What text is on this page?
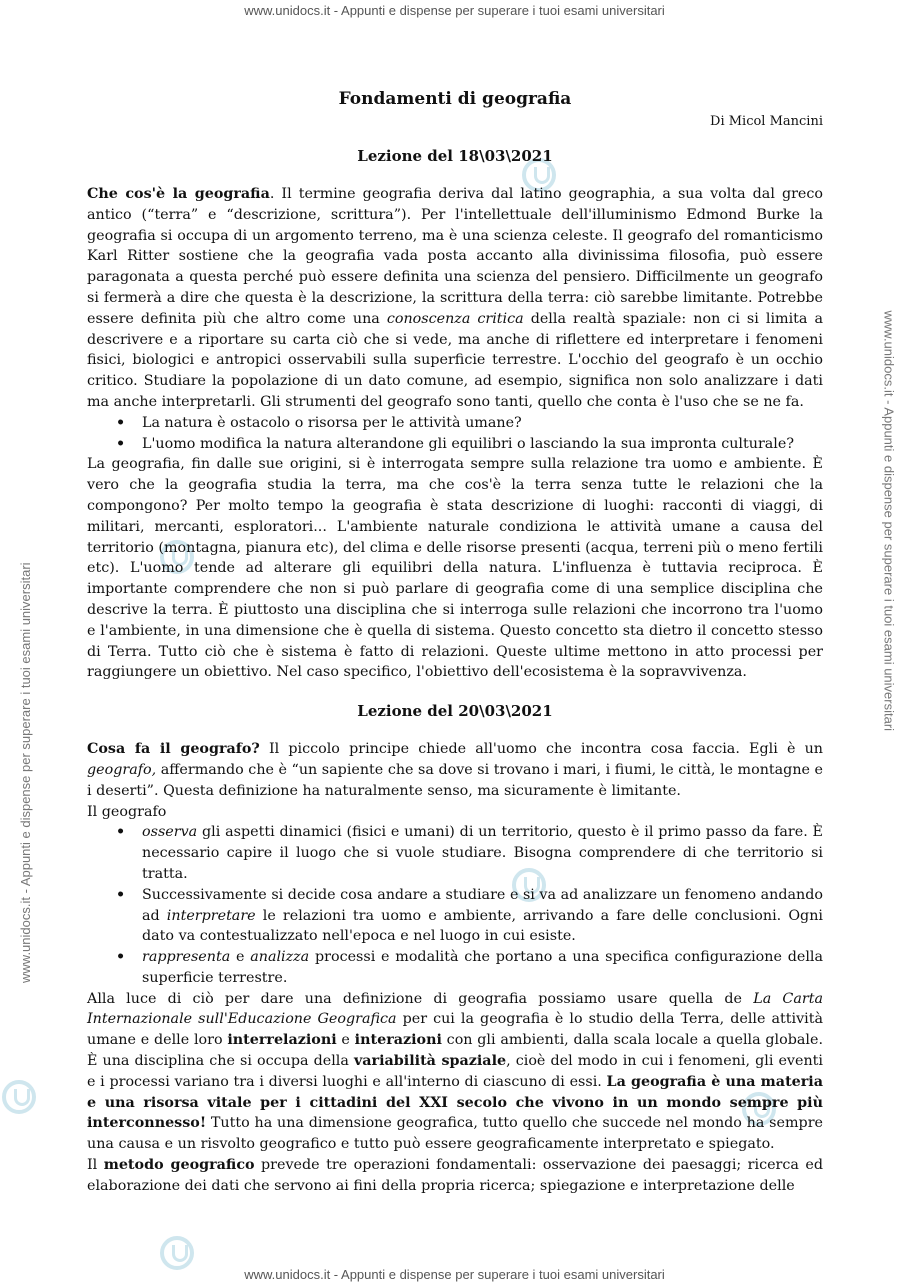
www.unidocs.it - Appunti e dispense per superare i tuoi esami universitari
www.unidocs.it - Appunti e dispense per superare i tuoi esami universitari
www.unidocs.it - Appunti e dispense per superare i tuoi esami universitari
www.unidocs.it - Appunti e dispense per superare i tuoi esami universitari
Fondamenti di geografia
Di Micol Mancini
Lezione del 18\03\2021

Che cos'è la geografia. Il termine geografia deriva dal latino geographia, a sua volta dal greco antico (“terra” e “descrizione, scrittura”). Per l'intellettuale dell'illuminismo Edmond Burke la geografia si occupa di un argomento terreno, ma è una scienza celeste. Il geografo del romanticismo Karl Ritter sostiene che la geografia vada posta accanto alla divinissima filosofia, può essere paragonata a questa perché può essere definita una scienza del pensiero. Difficilmente un geografo si fermerà a dire che questa è la descrizione, la scrittura della terra: ciò sarebbe limitante. Potrebbe essere definita più che altro come una conoscenza critica della realtà spaziale: non ci si limita a descrivere e a riportare su carta ciò che si vede, ma anche di riflettere ed interpretare i fenomeni fisici, biologici e antropici osservabili sulla superficie terrestre. L'occhio del geografo è un occhio critico. Studiare la popolazione di un dato comune, ad esempio, significa non solo analizzare i dati ma anche interpretarli. Gli strumenti del geografo sono tanti, quello che conta è l'uso che se ne fa.

• La natura è ostacolo o risorsa per le attività umane?
• L'uomo modifica la natura alterandone gli equilibri o lasciando la sua impronta culturale?

La geografia, fin dalle sue origini, si è interrogata sempre sulla relazione tra uomo e ambiente. È vero che la geografia studia la terra, ma che cos'è la terra senza tutte le relazioni che la compongono? Per molto tempo la geografia è stata descrizione di luoghi: racconti di viaggi, di militari, mercanti, esploratori... L'ambiente naturale condiziona le attività umane a causa del territorio (montagna, pianura etc), del clima e delle risorse presenti (acqua, terreni più o meno fertili etc). L'uomo tende ad alterare gli equilibri della natura. L'influenza è tuttavia reciproca. È importante comprendere che non si può parlare di geografia come di una semplice disciplina che descrive la terra. È piuttosto una disciplina che si interroga sulle relazioni che incorrono tra l'uomo e l'ambiente, in una dimensione che è quella di sistema. Questo concetto sta dietro il concetto stesso di Terra. Tutto ciò che è sistema è fatto di relazioni. Queste ultime mettono in atto processi per raggiungere un obiettivo. Nel caso specifico, l'obiettivo dell'ecosistema è la sopravvivenza.

Lezione del 20\03\2021

Cosa fa il geografo? Il piccolo principe chiede all'uomo che incontra cosa faccia. Egli è un geografo, affermando che è “un sapiente che sa dove si trovano i mari, i fiumi, le città, le montagne e i deserti”. Questa definizione ha naturalmente senso, ma sicuramente è limitante.

Il geografo

• osserva gli aspetti dinamici (fisici e umani) di un territorio, questo è il primo passo da fare. È necessario capire il luogo che si vuole studiare. Bisogna comprendere di che territorio si tratta.
• Successivamente si decide cosa andare a studiare e si va ad analizzare un fenomeno andando ad interpretare le relazioni tra uomo e ambiente, arrivando a fare delle conclusioni. Ogni dato va contestualizzato nell'epoca e nel luogo in cui esiste.
• rappresenta e analizza processi e modalità che portano a una specifica configurazione della superficie terrestre.

Alla luce di ciò per dare una definizione di geografia possiamo usare quella de La Carta Internazionale sull'Educazione Geografica per cui la geografia è lo studio della Terra, delle attività umane e delle loro interrelazioni e interazioni con gli ambienti, dalla scala locale a quella globale. È una disciplina che si occupa della variabilità spaziale, cioè del modo in cui i fenomeni, gli eventi e i processi variano tra i diversi luoghi e all'interno di ciascuno di essi. La geografia è una materia e una risorsa vitale per i cittadini del XXI secolo che vivono in un mondo sempre più interconnesso! Tutto ha una dimensione geografica, tutto quello che succede nel mondo ha sempre una causa e un risvolto geografico e tutto può essere geograficamente interpretato e spiegato.

Il metodo geografico prevede tre operazioni fondamentali: osservazione dei paesaggi; ricerca ed elaborazione dei dati che servono ai fini della propria ricerca; spiegazione e interpretazione delle
